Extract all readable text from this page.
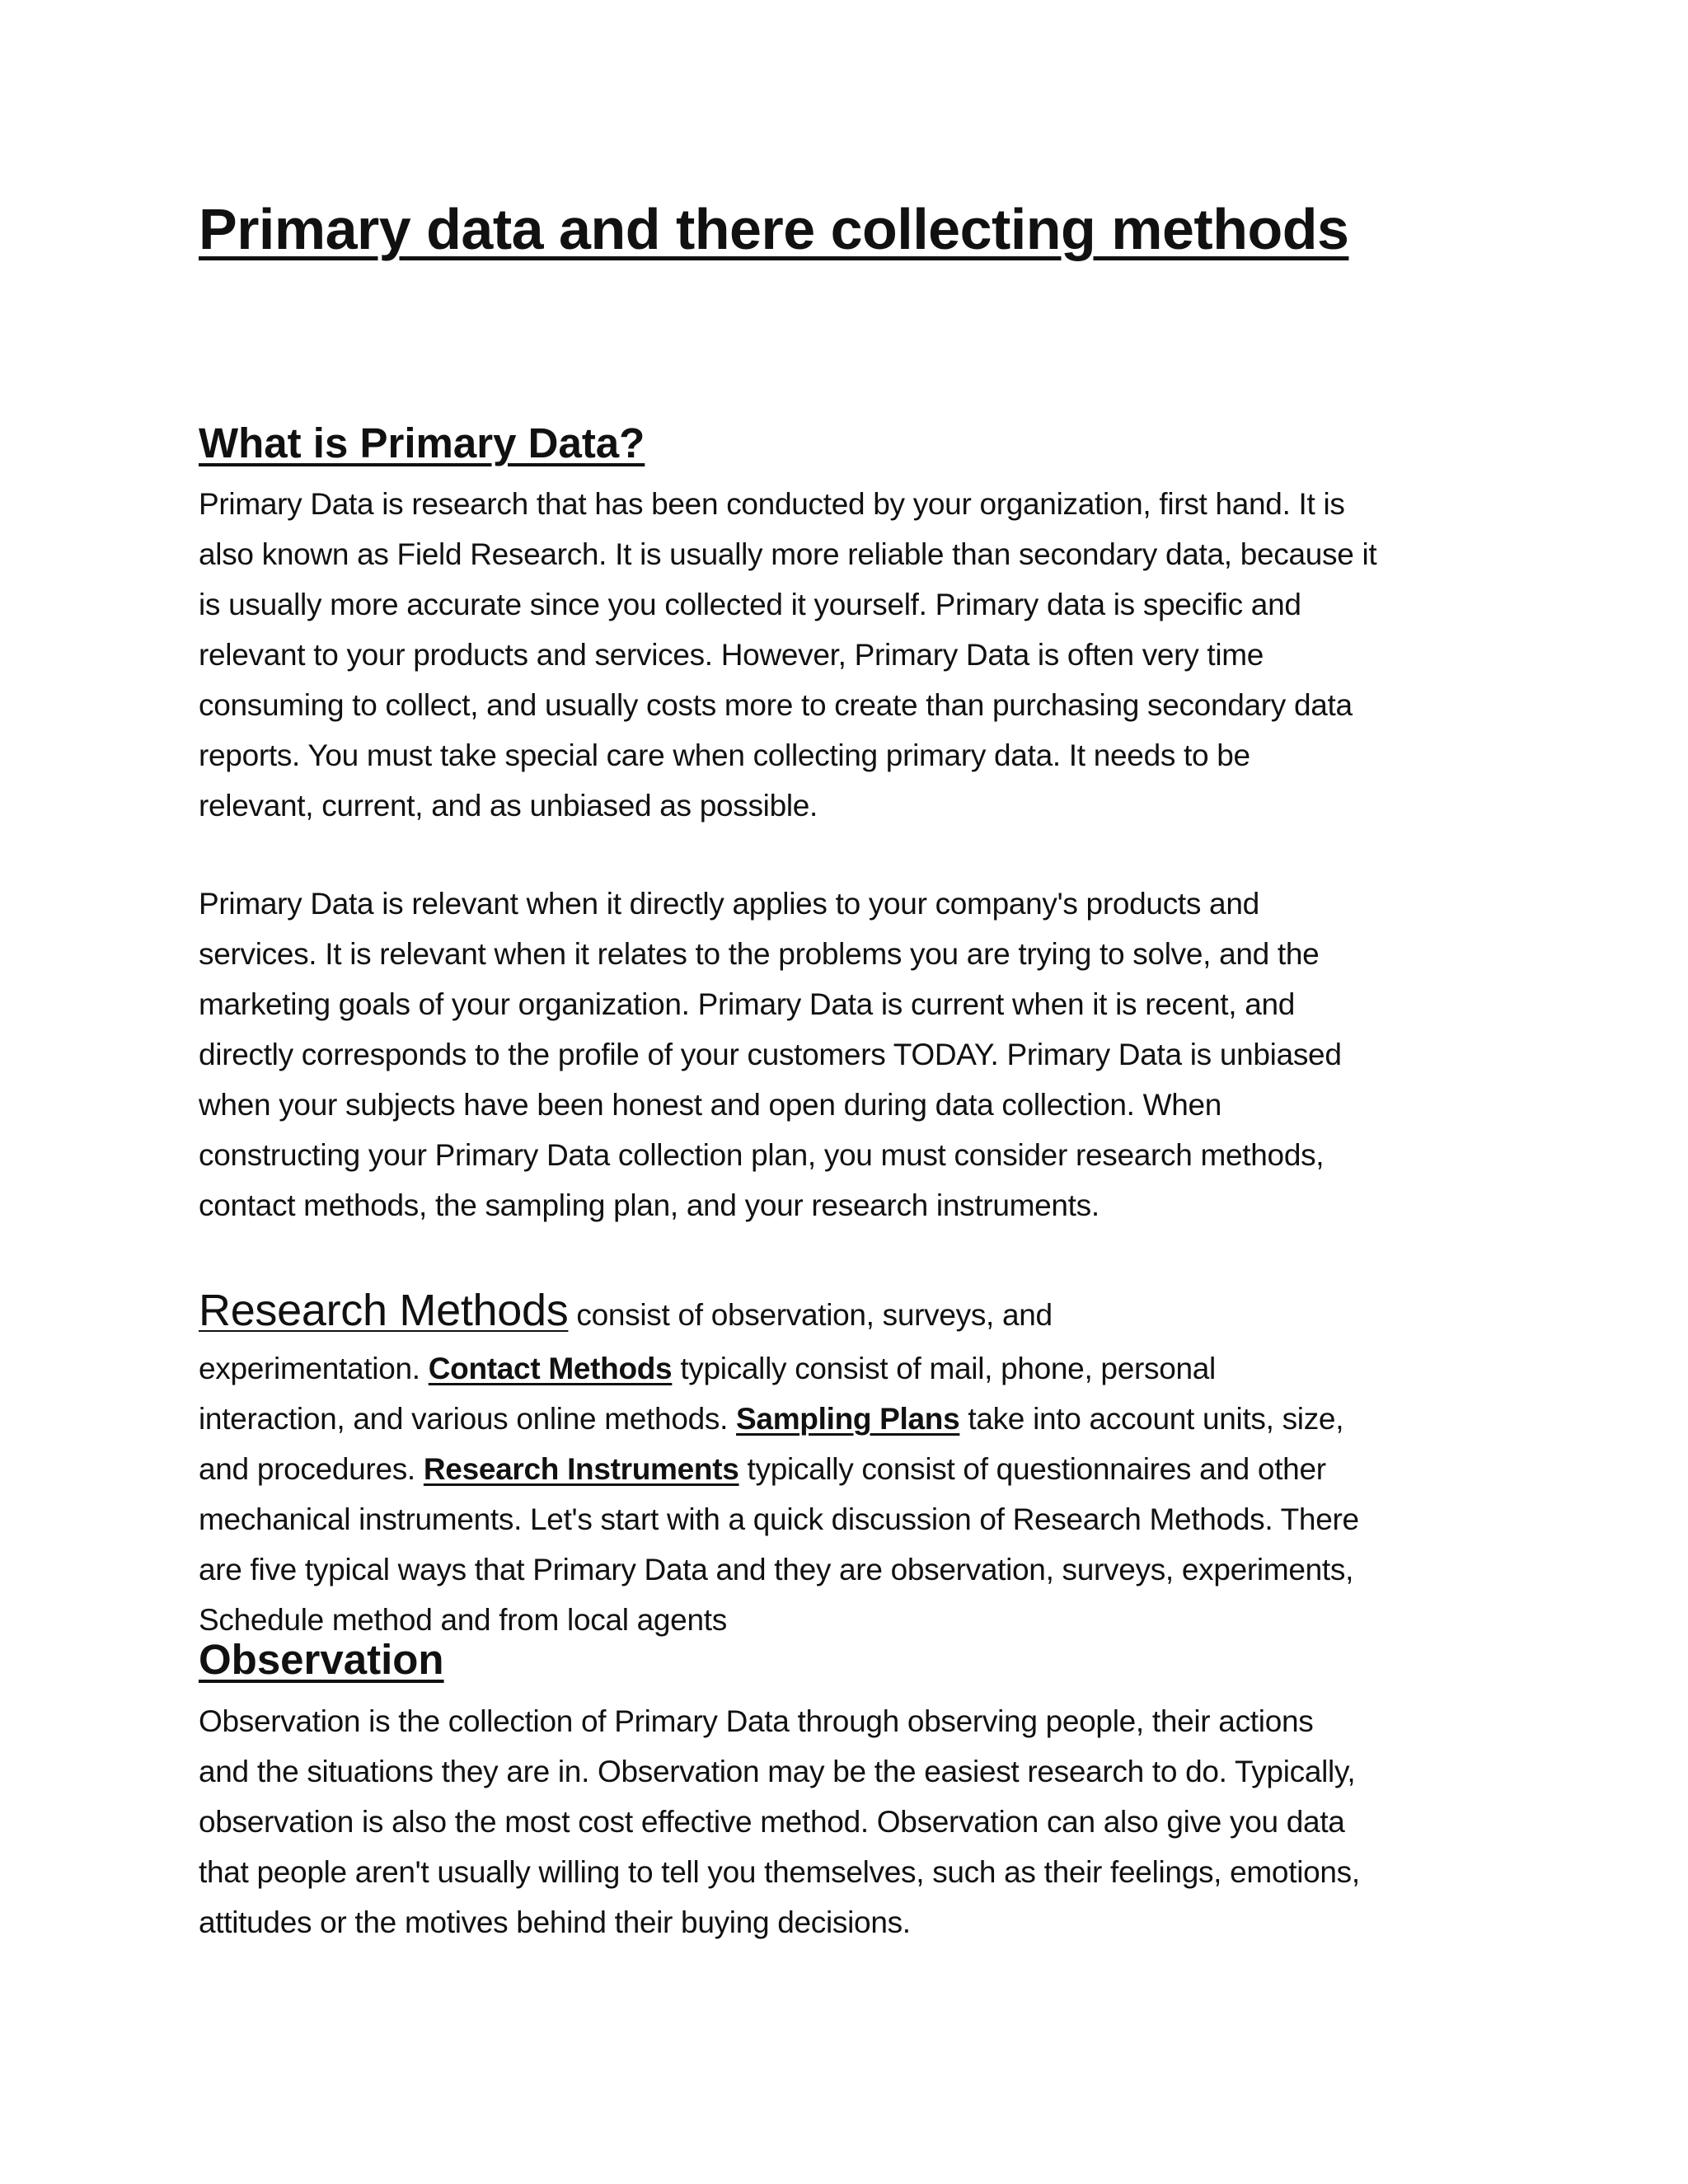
Primary data and there collecting methods
What is Primary Data?
Primary Data is research that has been conducted by your organization, first hand. It is
also known as Field Research. It is usually more reliable than secondary data, because it
is usually more accurate since you collected it yourself. Primary data is specific and
relevant to your products and services. However, Primary Data is often very time
consuming to collect, and usually costs more to create than purchasing secondary data
reports. You must take special care when collecting primary data. It needs to be
relevant, current, and as unbiased as possible.
Primary Data is relevant when it directly applies to your company's products and
services. It is relevant when it relates to the problems you are trying to solve, and the
marketing goals of your organization. Primary Data is current when it is recent, and
directly corresponds to the profile of your customers TODAY. Primary Data is unbiased
when your subjects have been honest and open during data collection. When
constructing your Primary Data collection plan, you must consider research methods,
contact methods, the sampling plan, and your research instruments.
Research Methods consist of observation, surveys, and
experimentation. Contact Methods typically consist of mail, phone, personal
interaction, and various online methods. Sampling Plans take into account units, size,
and procedures. Research Instruments typically consist of questionnaires and other
mechanical instruments. Let's start with a quick discussion of Research Methods. There
are five typical ways that Primary Data and they are observation, surveys, experiments,
Schedule method and from local agents
Observation
Observation is the collection of Primary Data through observing people, their actions
and the situations they are in. Observation may be the easiest research to do. Typically,
observation is also the most cost effective method. Observation can also give you data
that people aren't usually willing to tell you themselves, such as their feelings, emotions,
attitudes or the motives behind their buying decisions.
